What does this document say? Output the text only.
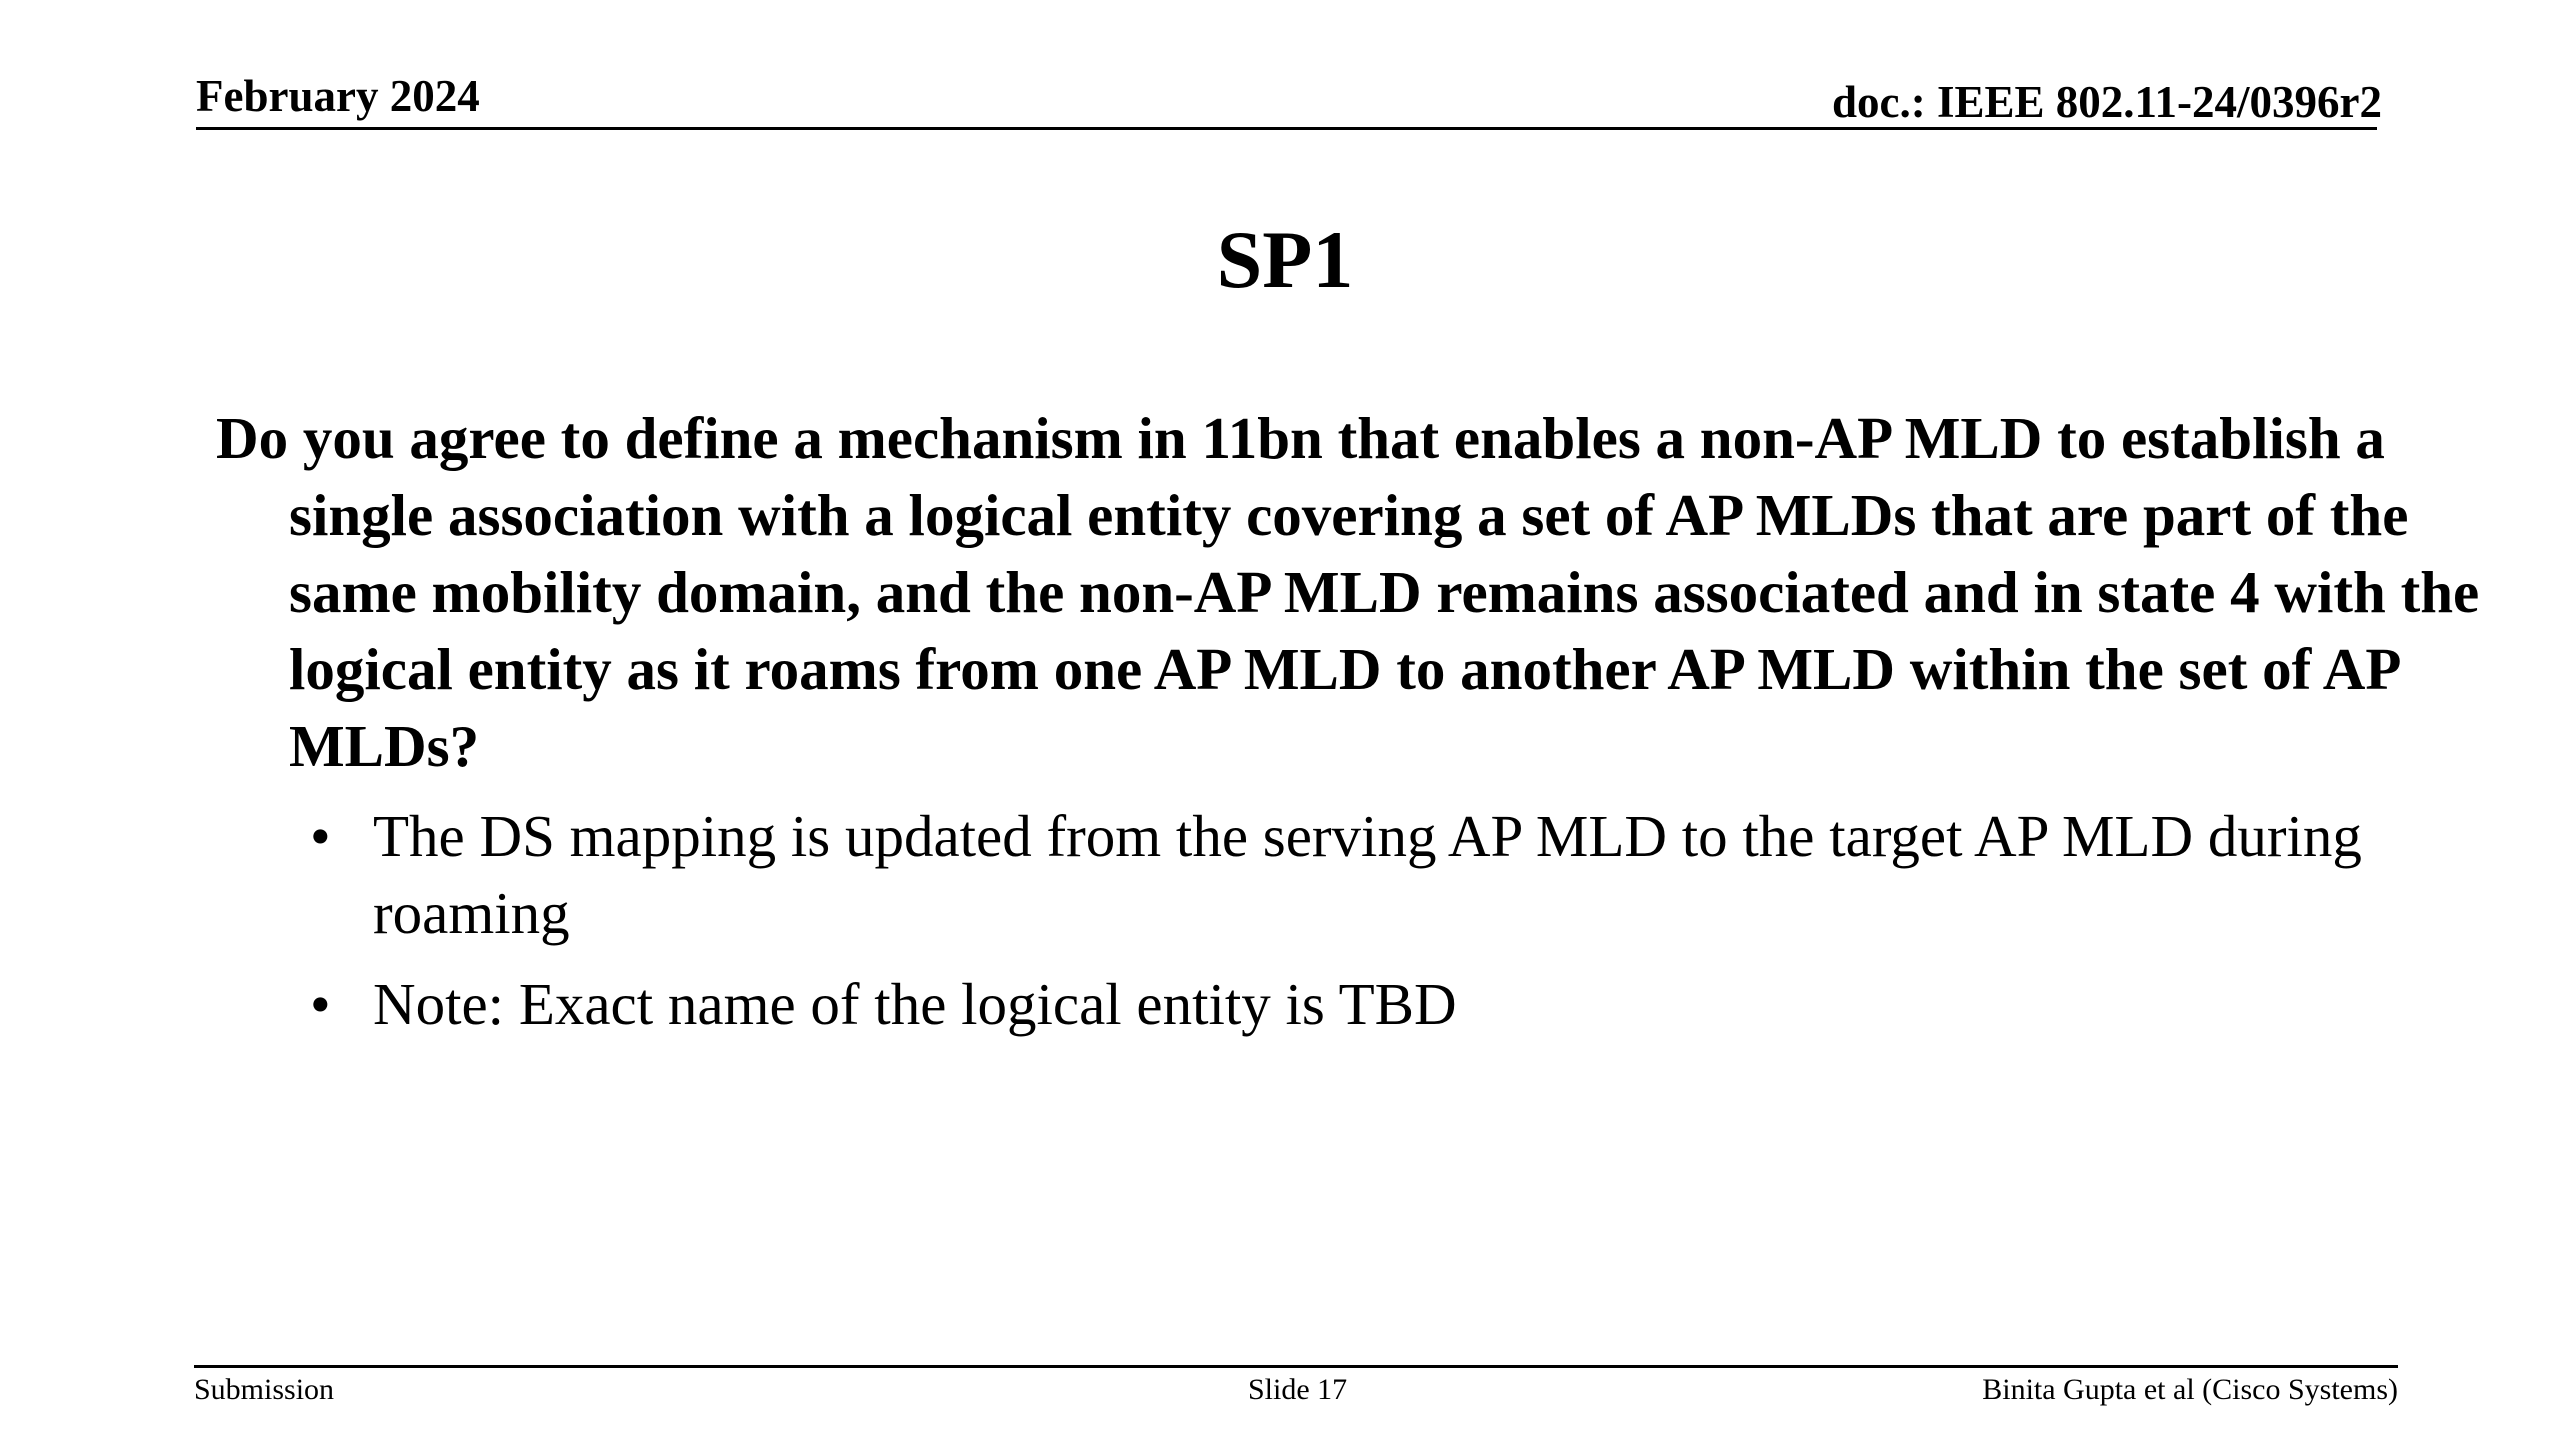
February 2024	doc.: IEEE 802.11-24/0396r2
SP1

Do you agree to define a mechanism in 11bn that enables a non-AP MLD to establish a single association with a logical entity covering a set of AP MLDs that are part of the same mobility domain, and the non-AP MLD remains associated and in state 4 with the logical entity as it roams from one AP MLD to another AP MLD within the set of AP MLDs?

• The DS mapping is updated from the serving AP MLD to the target AP MLD during roaming
• Note: Exact name of the logical entity is TBD
Submission	Slide 17	Binita Gupta et al (Cisco Systems)
